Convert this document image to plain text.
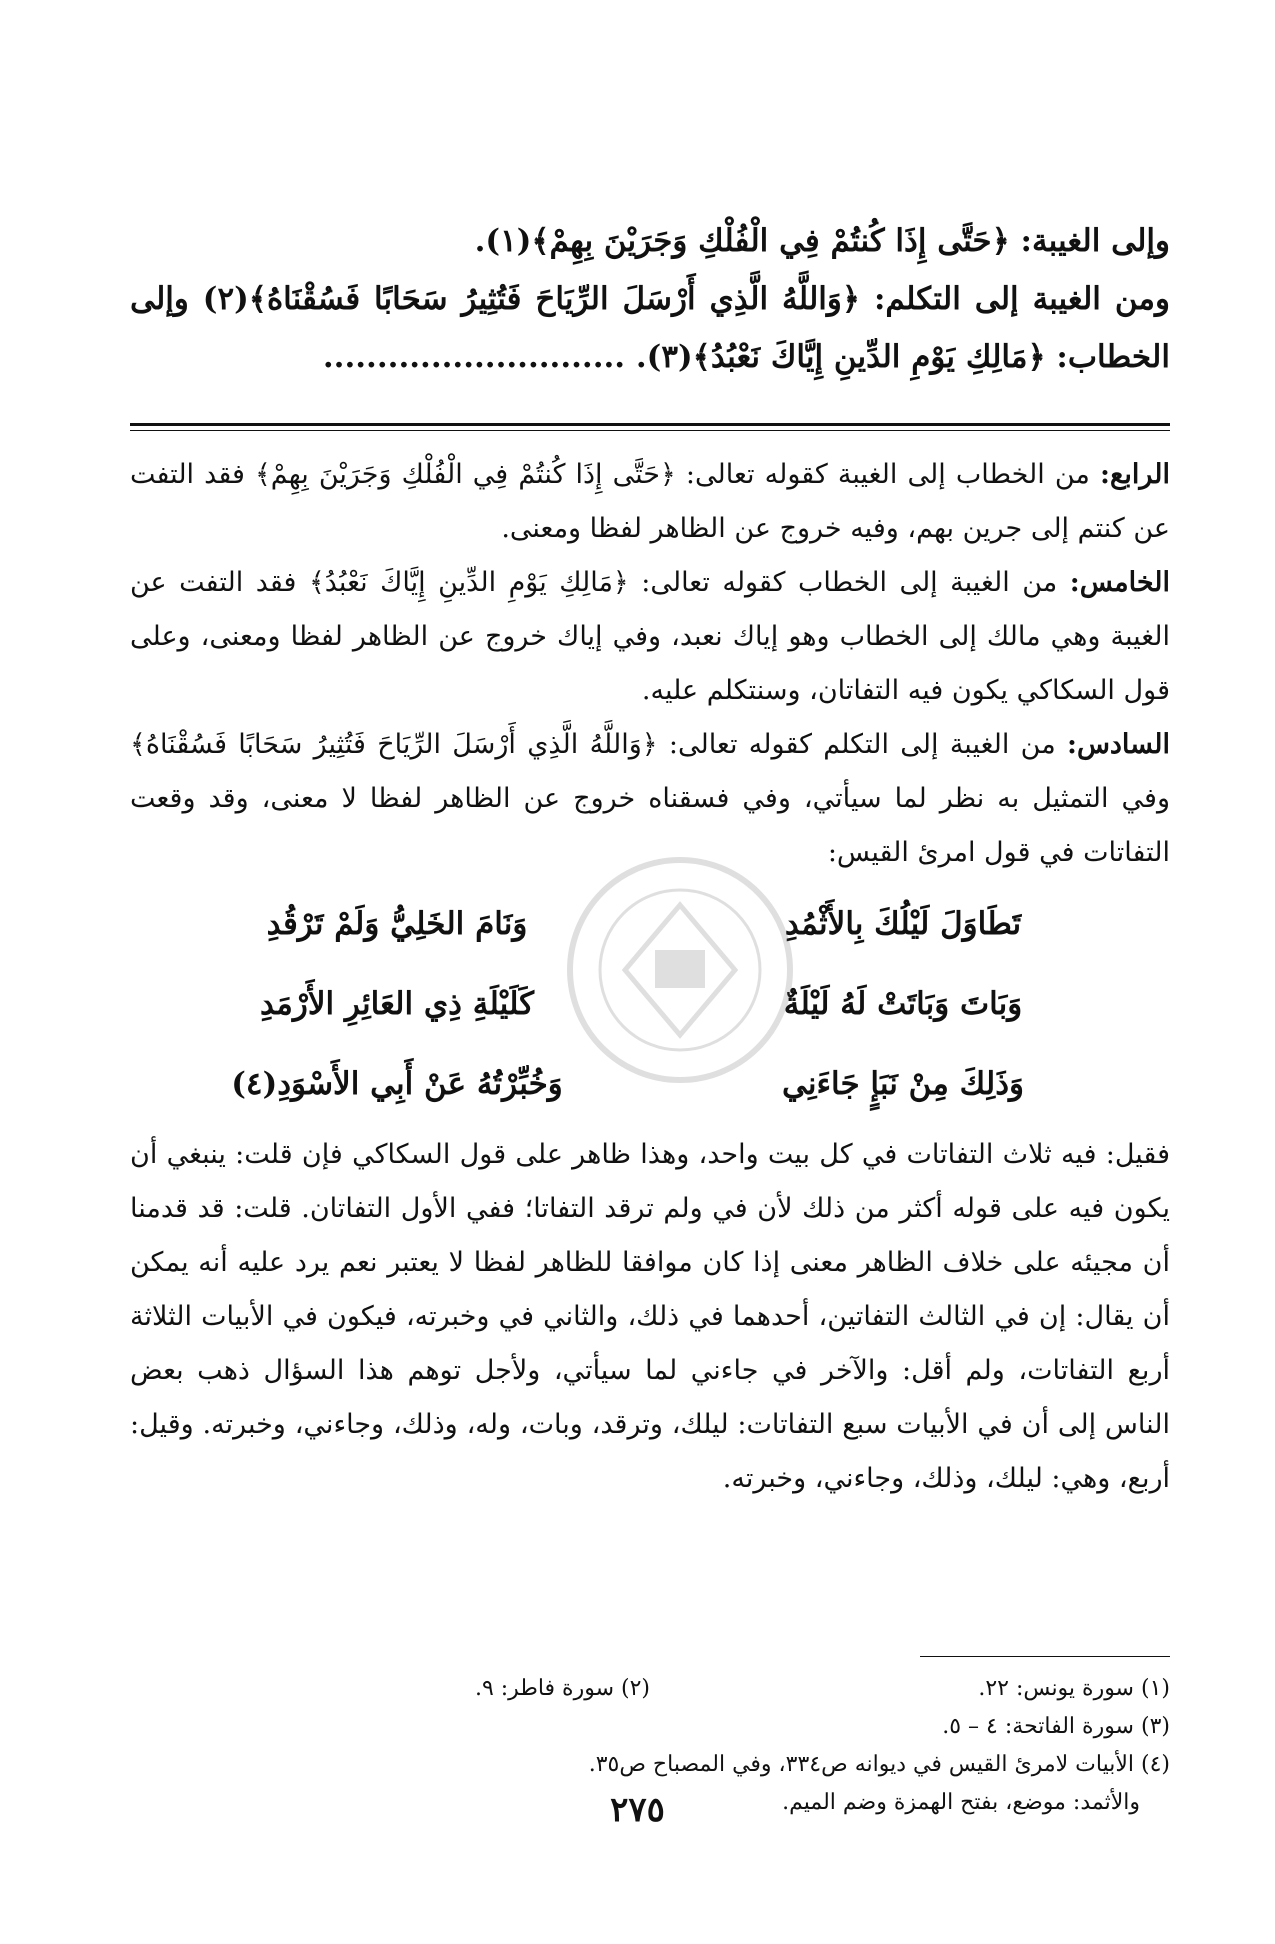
وإلى الغيبة: ﴿حَتَّى إِذَا كُنتُمْ فِي الْفُلْكِ وَجَرَيْنَ بِهِمْ﴾(١).

ومن الغيبة إلى التكلم: ﴿وَاللَّهُ الَّذِي أَرْسَلَ الرِّيَاحَ فَتُثِيرُ سَحَابًا فَسُقْنَاهُ﴾(٢) وإلى الخطاب: ﴿مَالِكِ يَوْمِ الدِّينِ إِيَّاكَ نَعْبُدُ﴾(٣). ............................

الرابع: من الخطاب إلى الغيبة كقوله تعالى: ﴿حَتَّى إِذَا كُنتُمْ فِي الْفُلْكِ وَجَرَيْنَ بِهِمْ﴾ فقد التفت عن كنتم إلى جرين بهم، وفيه خروج عن الظاهر لفظا ومعنى.

الخامس: من الغيبة إلى الخطاب كقوله تعالى: ﴿مَالِكِ يَوْمِ الدِّينِ إِيَّاكَ نَعْبُدُ﴾ فقد التفت عن الغيبة وهي مالك إلى الخطاب وهو إياك نعبد، وفي إياك خروج عن الظاهر لفظا ومعنى، وعلى قول السكاكي يكون فيه التفاتان، وسنتكلم عليه.

السادس: من الغيبة إلى التكلم كقوله تعالى: ﴿وَاللَّهُ الَّذِي أَرْسَلَ الرِّيَاحَ فَتُثِيرُ سَحَابًا فَسُقْنَاهُ﴾ وفي التمثيل به نظر لما سيأتي، وفي فسقناه خروج عن الظاهر لفظا لا معنى، وقد وقعت التفاتات في قول امرئ القيس:

تَطَاوَلَ لَيْلُكَ بِالأَثْمُدِ
وَنَامَ الخَلِيُّ وَلَمْ تَرْقُدِ

وَبَاتَ وَبَاتَتْ لَهُ لَيْلَةٌ
كَلَيْلَةِ ذِي العَائِرِ الأَرْمَدِ

وَذَلِكَ مِنْ نَبَإٍ جَاءَنِي
وَخُبِّرْتُهُ عَنْ أَبِي الأَسْوَدِ(٤)

فقيل: فيه ثلاث التفاتات في كل بيت واحد، وهذا ظاهر على قول السكاكي فإن قلت: ينبغي أن يكون فيه على قوله أكثر من ذلك لأن في ولم ترقد التفاتا؛ ففي الأول التفاتان. قلت: قد قدمنا أن مجيئه على خلاف الظاهر معنى إذا كان موافقا للظاهر لفظا لا يعتبر نعم يرد عليه أنه يمكن أن يقال: إن في الثالث التفاتين، أحدهما في ذلك، والثاني في وخبرته، فيكون في الأبيات الثلاثة أربع التفاتات، ولم أقل: والآخر في جاءني لما سيأتي، ولأجل توهم هذا السؤال ذهب بعض الناس إلى أن في الأبيات سبع التفاتات: ليلك، وترقد، وبات، وله، وذلك، وجاءني، وخبرته. وقيل: أربع، وهي: ليلك، وذلك، وجاءني، وخبرته.

(١) سورة يونس: ٢٢.
(٢) سورة فاطر: ٩.

(٣) سورة الفاتحة: ٤ – ٥.

(٤) الأبيات لامرئ القيس في ديوانه ص٣٣٤، وفي المصباح ص٣٥.

والأثمد: موضع، بفتح الهمزة وضم الميم.

٢٧٥
